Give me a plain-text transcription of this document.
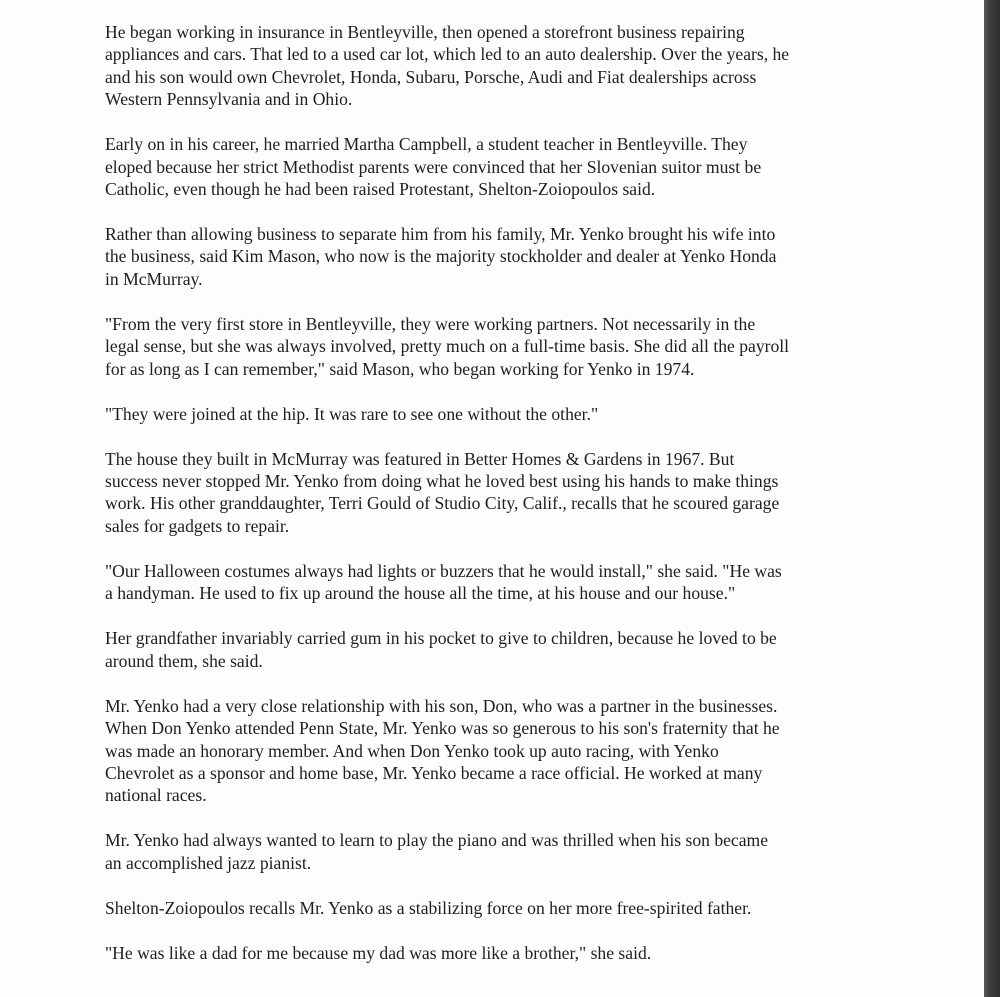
He began working in insurance in Bentleyville, then opened a storefront business repairing
appliances and cars. That led to a used car lot, which led to an auto dealership. Over the years, he
and his son would own Chevrolet, Honda, Subaru, Porsche, Audi and Fiat dealerships across
Western Pennsylvania and in Ohio.

Early on in his career, he married Martha Campbell, a student teacher in Bentleyville. They
eloped because her strict Methodist parents were convinced that her Slovenian suitor must be
Catholic, even though he had been raised Protestant, Shelton-Zoiopoulos said.

Rather than allowing business to separate him from his family, Mr. Yenko brought his wife into
the business, said Kim Mason, who now is the majority stockholder and dealer at Yenko Honda
in McMurray.

"From the very first store in Bentleyville, they were working partners. Not necessarily in the
legal sense, but she was always involved, pretty much on a full-time basis. She did all the payroll
for as long as I can remember," said Mason, who began working for Yenko in 1974.

"They were joined at the hip. It was rare to see one without the other."

The house they built in McMurray was featured in Better Homes & Gardens in 1967. But
success never stopped Mr. Yenko from doing what he loved best using his hands to make things
work. His other granddaughter, Terri Gould of Studio City, Calif., recalls that he scoured garage
sales for gadgets to repair.

"Our Halloween costumes always had lights or buzzers that he would install," she said. "He was
a handyman. He used to fix up around the house all the time, at his house and our house."

Her grandfather invariably carried gum in his pocket to give to children, because he loved to be
around them, she said.

Mr. Yenko had a very close relationship with his son, Don, who was a partner in the businesses.
When Don Yenko attended Penn State, Mr. Yenko was so generous to his son's fraternity that he
was made an honorary member. And when Don Yenko took up auto racing, with Yenko
Chevrolet as a sponsor and home base, Mr. Yenko became a race official. He worked at many
national races.

Mr. Yenko had always wanted to learn to play the piano and was thrilled when his son became
an accomplished jazz pianist.

Shelton-Zoiopoulos recalls Mr. Yenko as a stabilizing force on her more free-spirited father.

"He was like a dad for me because my dad was more like a brother," she said.
